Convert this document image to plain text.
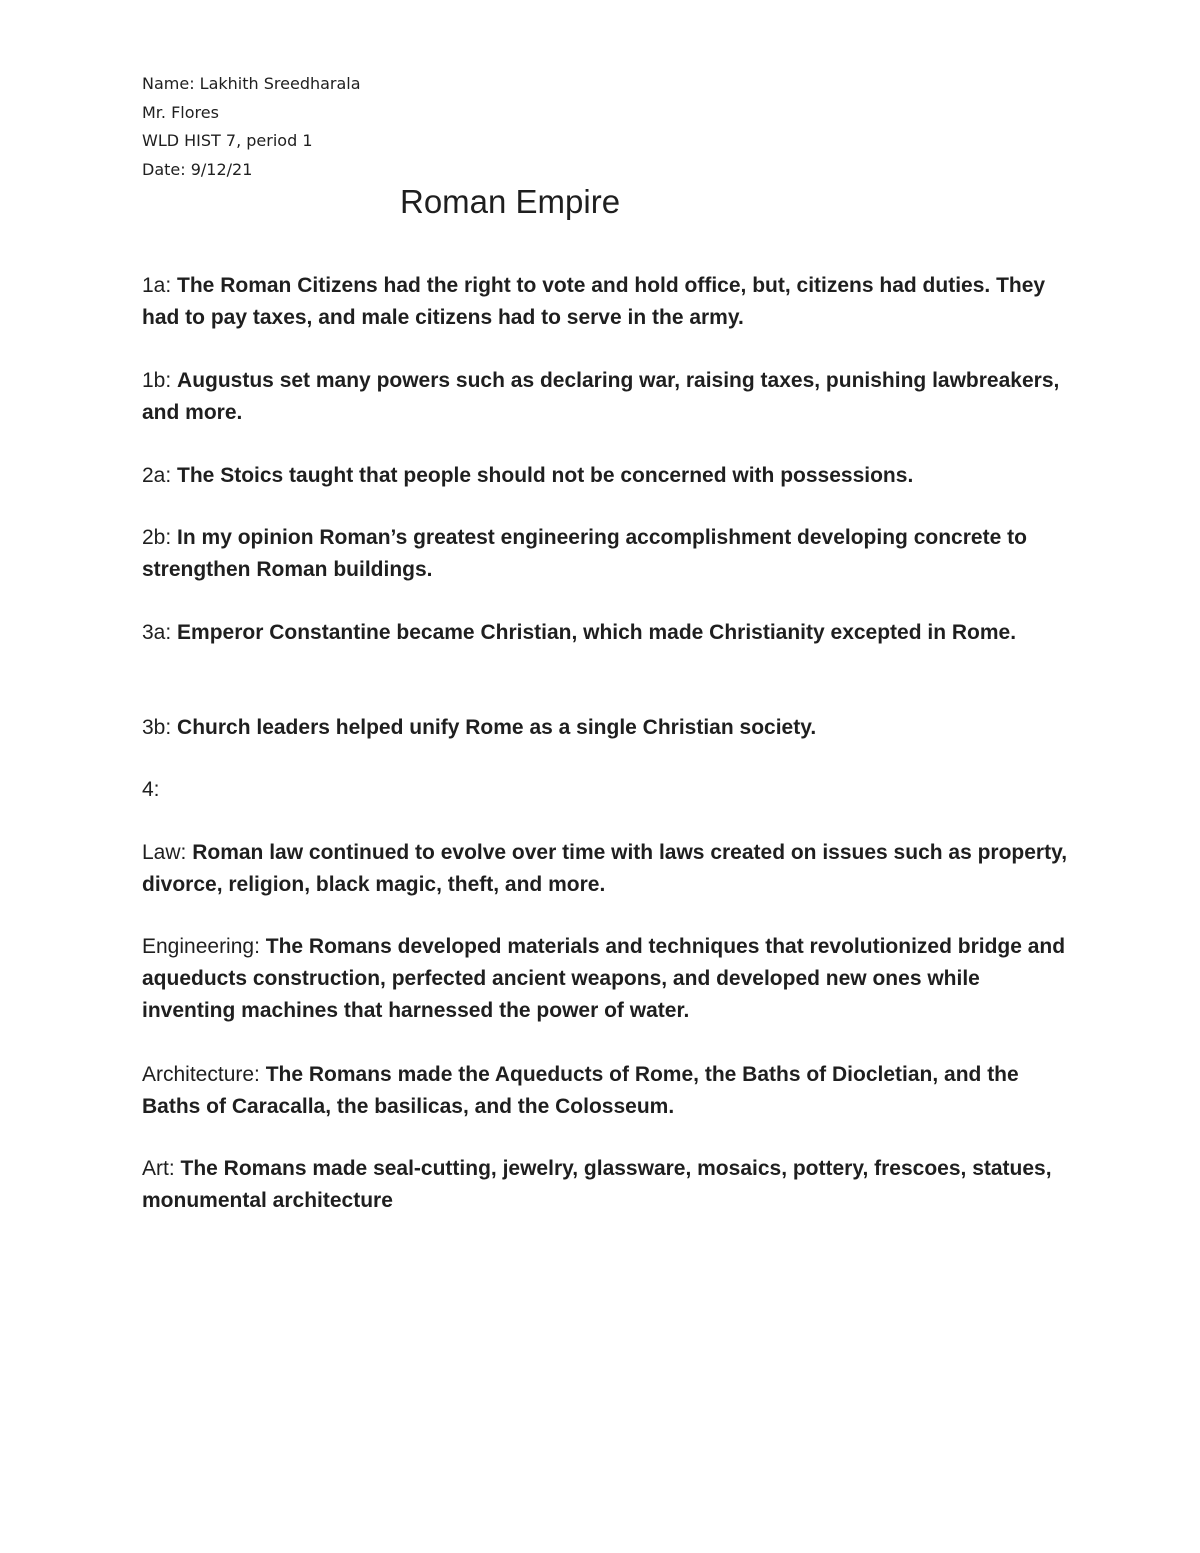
Name: Lakhith Sreedharala
Mr. Flores
WLD HIST 7, period 1
Date: 9/12/21
Roman Empire
1a: The Roman Citizens had the right to vote and hold office, but, citizens had duties. They had to pay taxes, and male citizens had to serve in the army.
1b: Augustus set many powers such as declaring war, raising taxes, punishing lawbreakers, and more.
2a: The Stoics taught that people should not be concerned with possessions.
2b: In my opinion Roman’s greatest engineering accomplishment developing concrete to strengthen Roman buildings.
3a: Emperor Constantine became Christian, which made Christianity excepted in Rome.
3b: Church leaders helped unify Rome as a single Christian society.
4:
Law: Roman law continued to evolve over time with laws created on issues such as property, divorce, religion, black magic, theft, and more.
Engineering: The Romans developed materials and techniques that revolutionized bridge and aqueducts construction, perfected ancient weapons, and developed new ones while inventing machines that harnessed the power of water.
Architecture: The Romans made the Aqueducts of Rome, the Baths of Diocletian, and the Baths of Caracalla, the basilicas, and the Colosseum.
Art: The Romans made seal-cutting, jewelry, glassware, mosaics, pottery, frescoes, statues, monumental architecture
